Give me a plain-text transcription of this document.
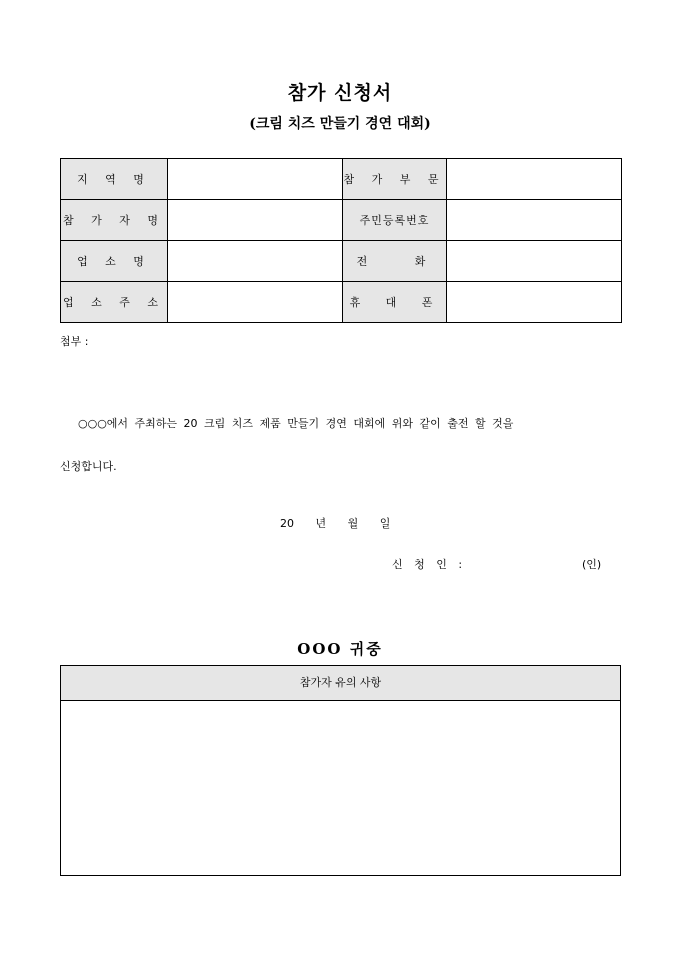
참가 신청서
(크림 치즈 만들기 경연 대회)
지 역 명		참 가 부 문	
참 가 자 명		주민등록번호	
업 소 명		전 화	
업 소 주 소		휴 대 폰	
첨부 :
○○○에서 주최하는 20 크림 치즈 제품 만들기 경연 대회에 위와 같이 출전 할 것을
신청합니다.
20 년 월 일
신 청 인 :	(인)
OOO 귀중
참가자 유의 사항
